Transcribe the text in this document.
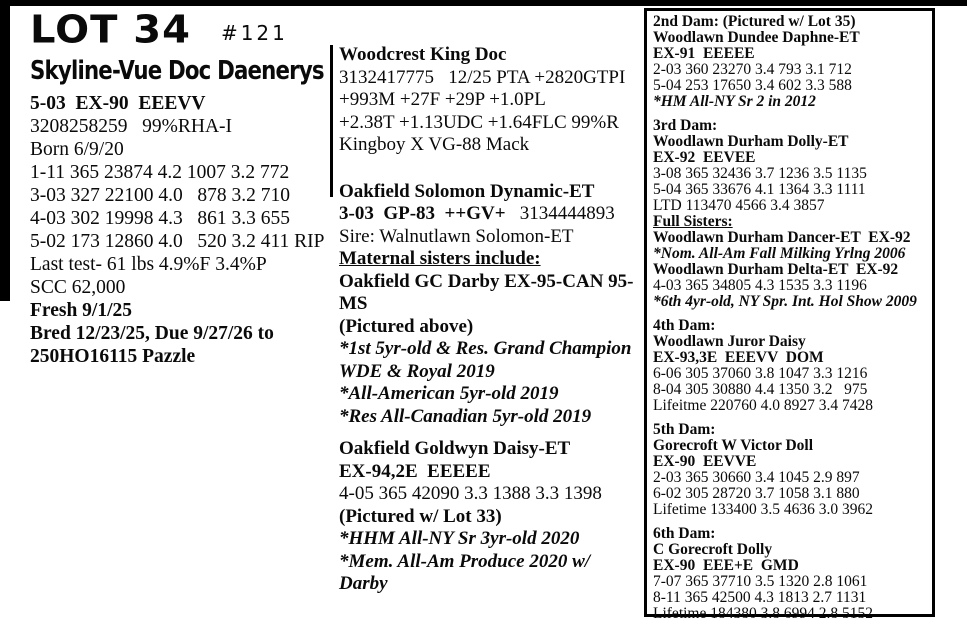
LOT 34 #121
Skyline-Vue Doc Daenerys
5-03  EX-90  EEEVV
3208258259   99%RHA-I
Born 6/9/20
1-11 365 23874 4.2 1007 3.2 772
3-03 327 22100 4.0   878 3.2 710
4-03 302 19998 4.3   861 3.3 655
5-02 173 12860 4.0   520 3.2 411 RIP
Last test- 61 lbs 4.9%F 3.4%P
SCC 62,000
Fresh 9/1/25
Bred 12/23/25, Due 9/27/26 to
250HO16115 Pazzle
Woodcrest King Doc
3132417775   12/25 PTA +2820GTPI
+993M +27F +29P +1.0PL
+2.38T +1.13UDC +1.64FLC 99%R
Kingboy X VG-88 Mack
Oakfield Solomon Dynamic-ET
3-03  GP-83  ++GV+   3134444893
Sire: Walnutlawn Solomon-ET
Maternal sisters include:
Oakfield GC Darby EX-95-CAN 95-MS
(Pictured above)
*1st 5yr-old & Res. Grand Champion
WDE & Royal 2019
*All-American 5yr-old 2019
*Res All-Canadian 5yr-old 2019
Oakfield Goldwyn Daisy-ET
EX-94,2E  EEEEE
4-05 365 42090 3.3 1388 3.3 1398
(Pictured w/ Lot 33)
*HHM All-NY Sr 3yr-old 2020
*Mem. All-Am Produce 2020 w/ Darby
2nd Dam: (Pictured w/ Lot 35)
Woodlawn Dundee Daphne-ET
EX-91  EEEEE
2-03 360 23270 3.4 793 3.1 712
5-04 253 17650 3.4 602 3.3 588
*HM All-NY Sr 2 in 2012
3rd Dam:
Woodlawn Durham Dolly-ET
EX-92  EEVEE
3-08 365 32436 3.7 1236 3.5 1135
5-04 365 33676 4.1 1364 3.3 1111
LTD 113470 4566 3.4 3857
Full Sisters:
Woodlawn Durham Dancer-ET  EX-92
*Nom. All-Am Fall Milking Yrlng 2006
Woodlawn Durham Delta-ET  EX-92
4-03 365 34805 4.3 1535 3.3 1196
*6th 4yr-old, NY Spr. Int. Hol Show 2009
4th Dam:
Woodlawn Juror Daisy
EX-93,3E  EEEVV  DOM
6-06 305 37060 3.8 1047 3.3 1216
8-04 305 30880 4.4 1350 3.2   975
Lifeitme 220760 4.0 8927 3.4 7428
5th Dam:
Gorecroft W Victor Doll
EX-90  EEVVE
2-03 365 30660 3.4 1045 2.9 897
6-02 305 28720 3.7 1058 3.1 880
Lifetime 133400 3.5 4636 3.0 3962
6th Dam:
C Gorecroft Dolly
EX-90  EEE+E  GMD
7-07 365 37710 3.5 1320 2.8 1061
8-11 365 42500 4.3 1813 2.7 1131
Lifetime 184380 3.8 6994 2.8 5152
